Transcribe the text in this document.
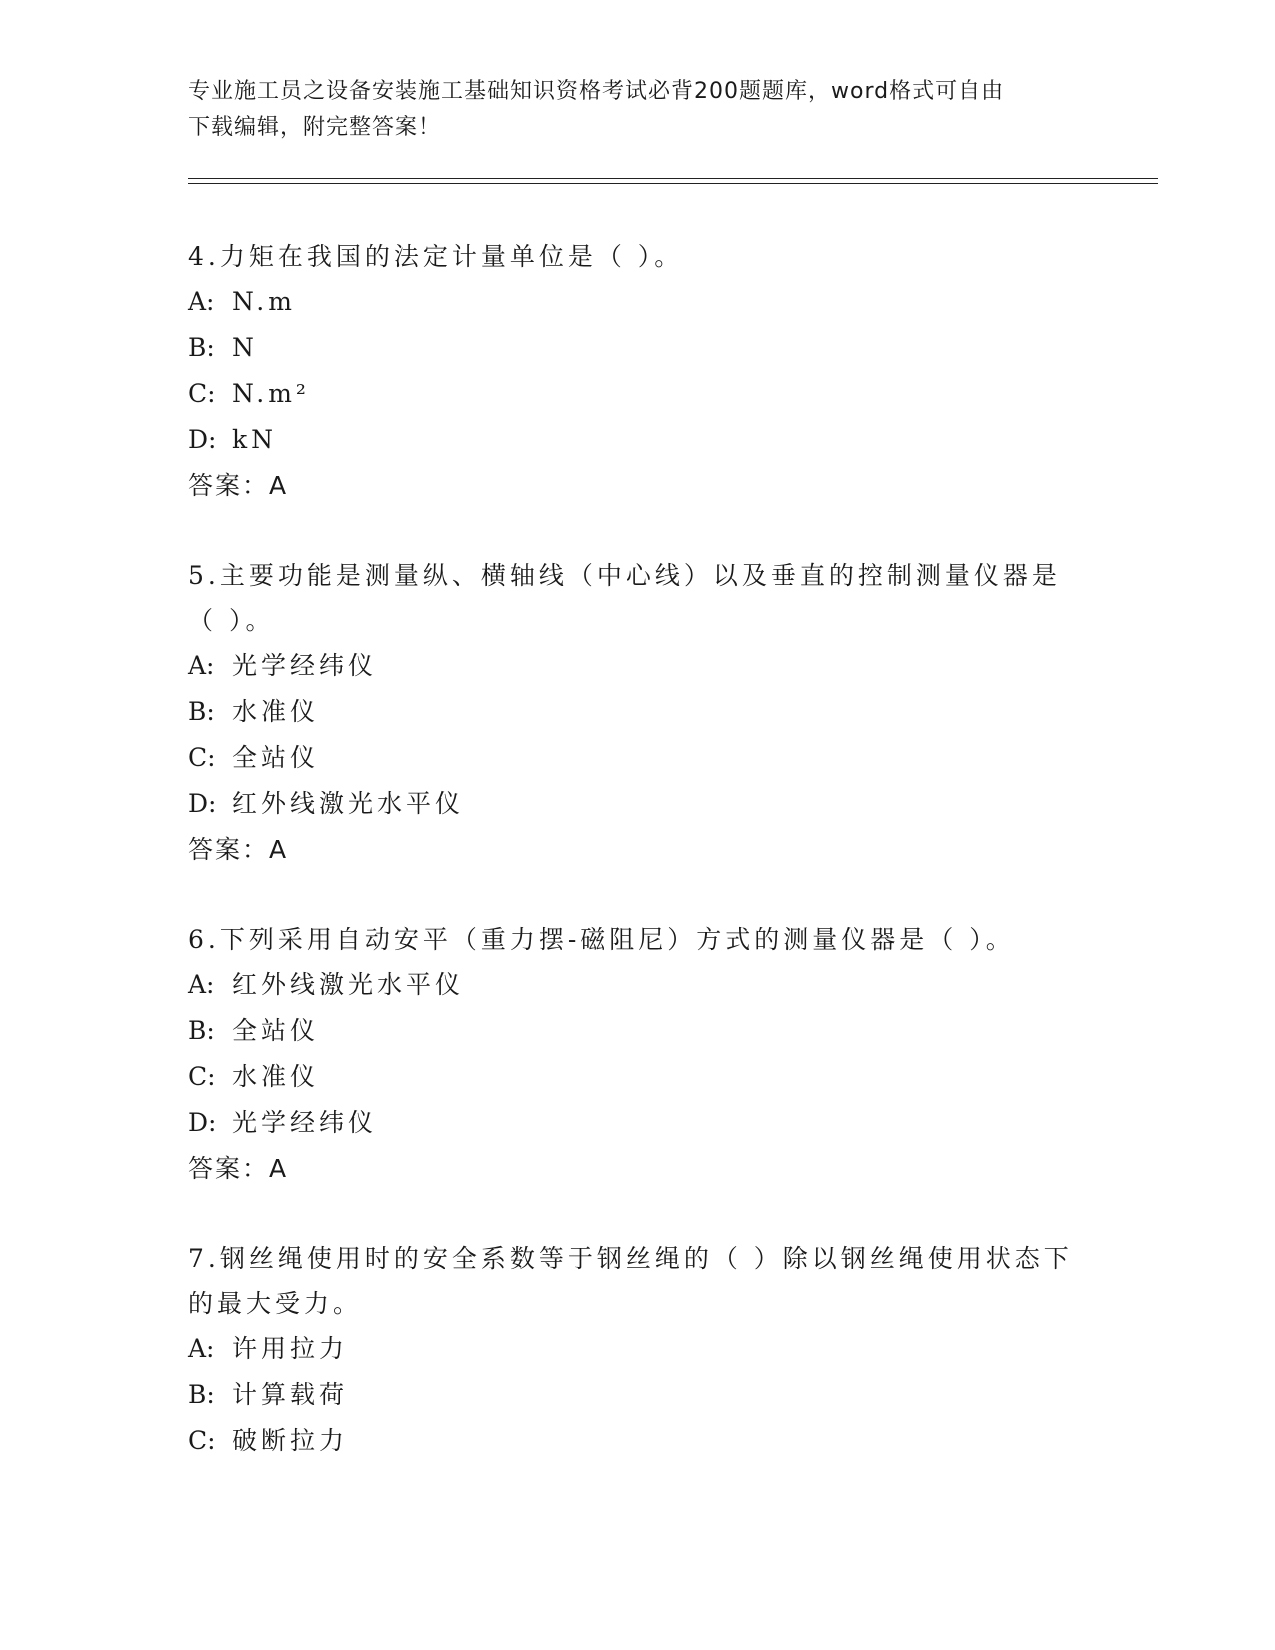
专业施工员之设备安装施工基础知识资格考试必背200题题库，word格式可自由
下载编辑，附完整答案！

4.力矩在我国的法定计量单位是（ ）。

A: N.m

B: N

C: N.m²

D: kN

答案：A

5.主要功能是测量纵、横轴线（中心线）以及垂直的控制测量仪器是（ ）。

A: 光学经纬仪

B: 水准仪

C: 全站仪

D: 红外线激光水平仪

答案：A

6.下列采用自动安平（重力摆-磁阻尼）方式的测量仪器是（ ）。

A: 红外线激光水平仪

B: 全站仪

C: 水准仪

D: 光学经纬仪

答案：A

7.钢丝绳使用时的安全系数等于钢丝绳的（ ）除以钢丝绳使用状态下的最大受力。

A: 许用拉力

B: 计算载荷

C: 破断拉力
